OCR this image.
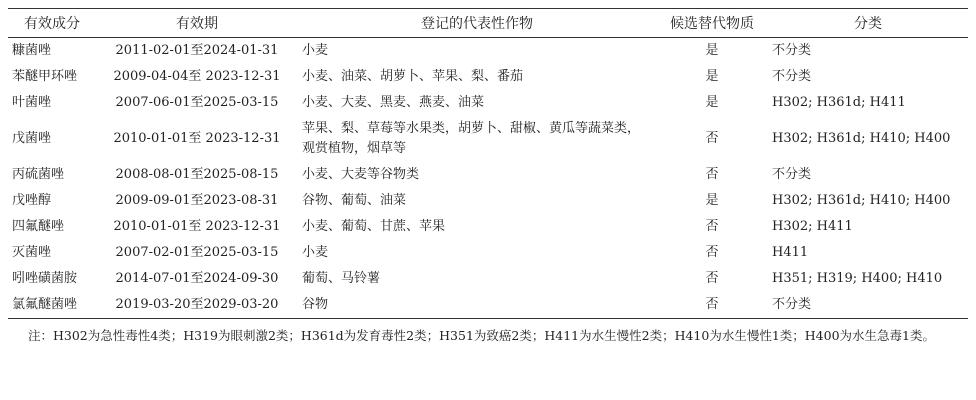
有效成分	有效期	登记的代表性作物	候选替代物质	分类
糠菌唑	2011-02-01至2024-01-31	小麦	是	不分类
苯醚甲环唑	2009-04-04至 2023-12-31	小麦、油菜、胡萝卜、苹果、梨、番茄	是	不分类
叶菌唑	2007-06-01至2025-03-15	小麦、大麦、黑麦、燕麦、油菜	是	H302; H361d; H411
戊菌唑	2010-01-01至 2023-12-31	苹果、梨、草莓等水果类，胡萝卜、甜椒、黄瓜等蔬菜类，观赏植物，烟草等	否	H302; H361d; H410; H400
丙硫菌唑	2008-08-01至2025-08-15	小麦、大麦等谷物类	否	不分类
戊唑醇	2009-09-01至2023-08-31	谷物、葡萄、油菜	是	H302; H361d; H410; H400
四氟醚唑	2010-01-01至 2023-12-31	小麦、葡萄、甘蔗、苹果	否	H302; H411
灭菌唑	2007-02-01至2025-03-15	小麦	否	H411
吲唑磺菌胺	2014-07-01至2024-09-30	葡萄、马铃薯	否	H351; H319; H400; H410
氯氟醚菌唑	2019-03-20至2029-03-20	谷物	否	不分类
注：H302为急性毒性4类；H319为眼刺激2类；H361d为发育毒性2类；H351为致癌2类；H411为水生慢性2类；H410为水生慢性1类；H400为水生急毒1类。
